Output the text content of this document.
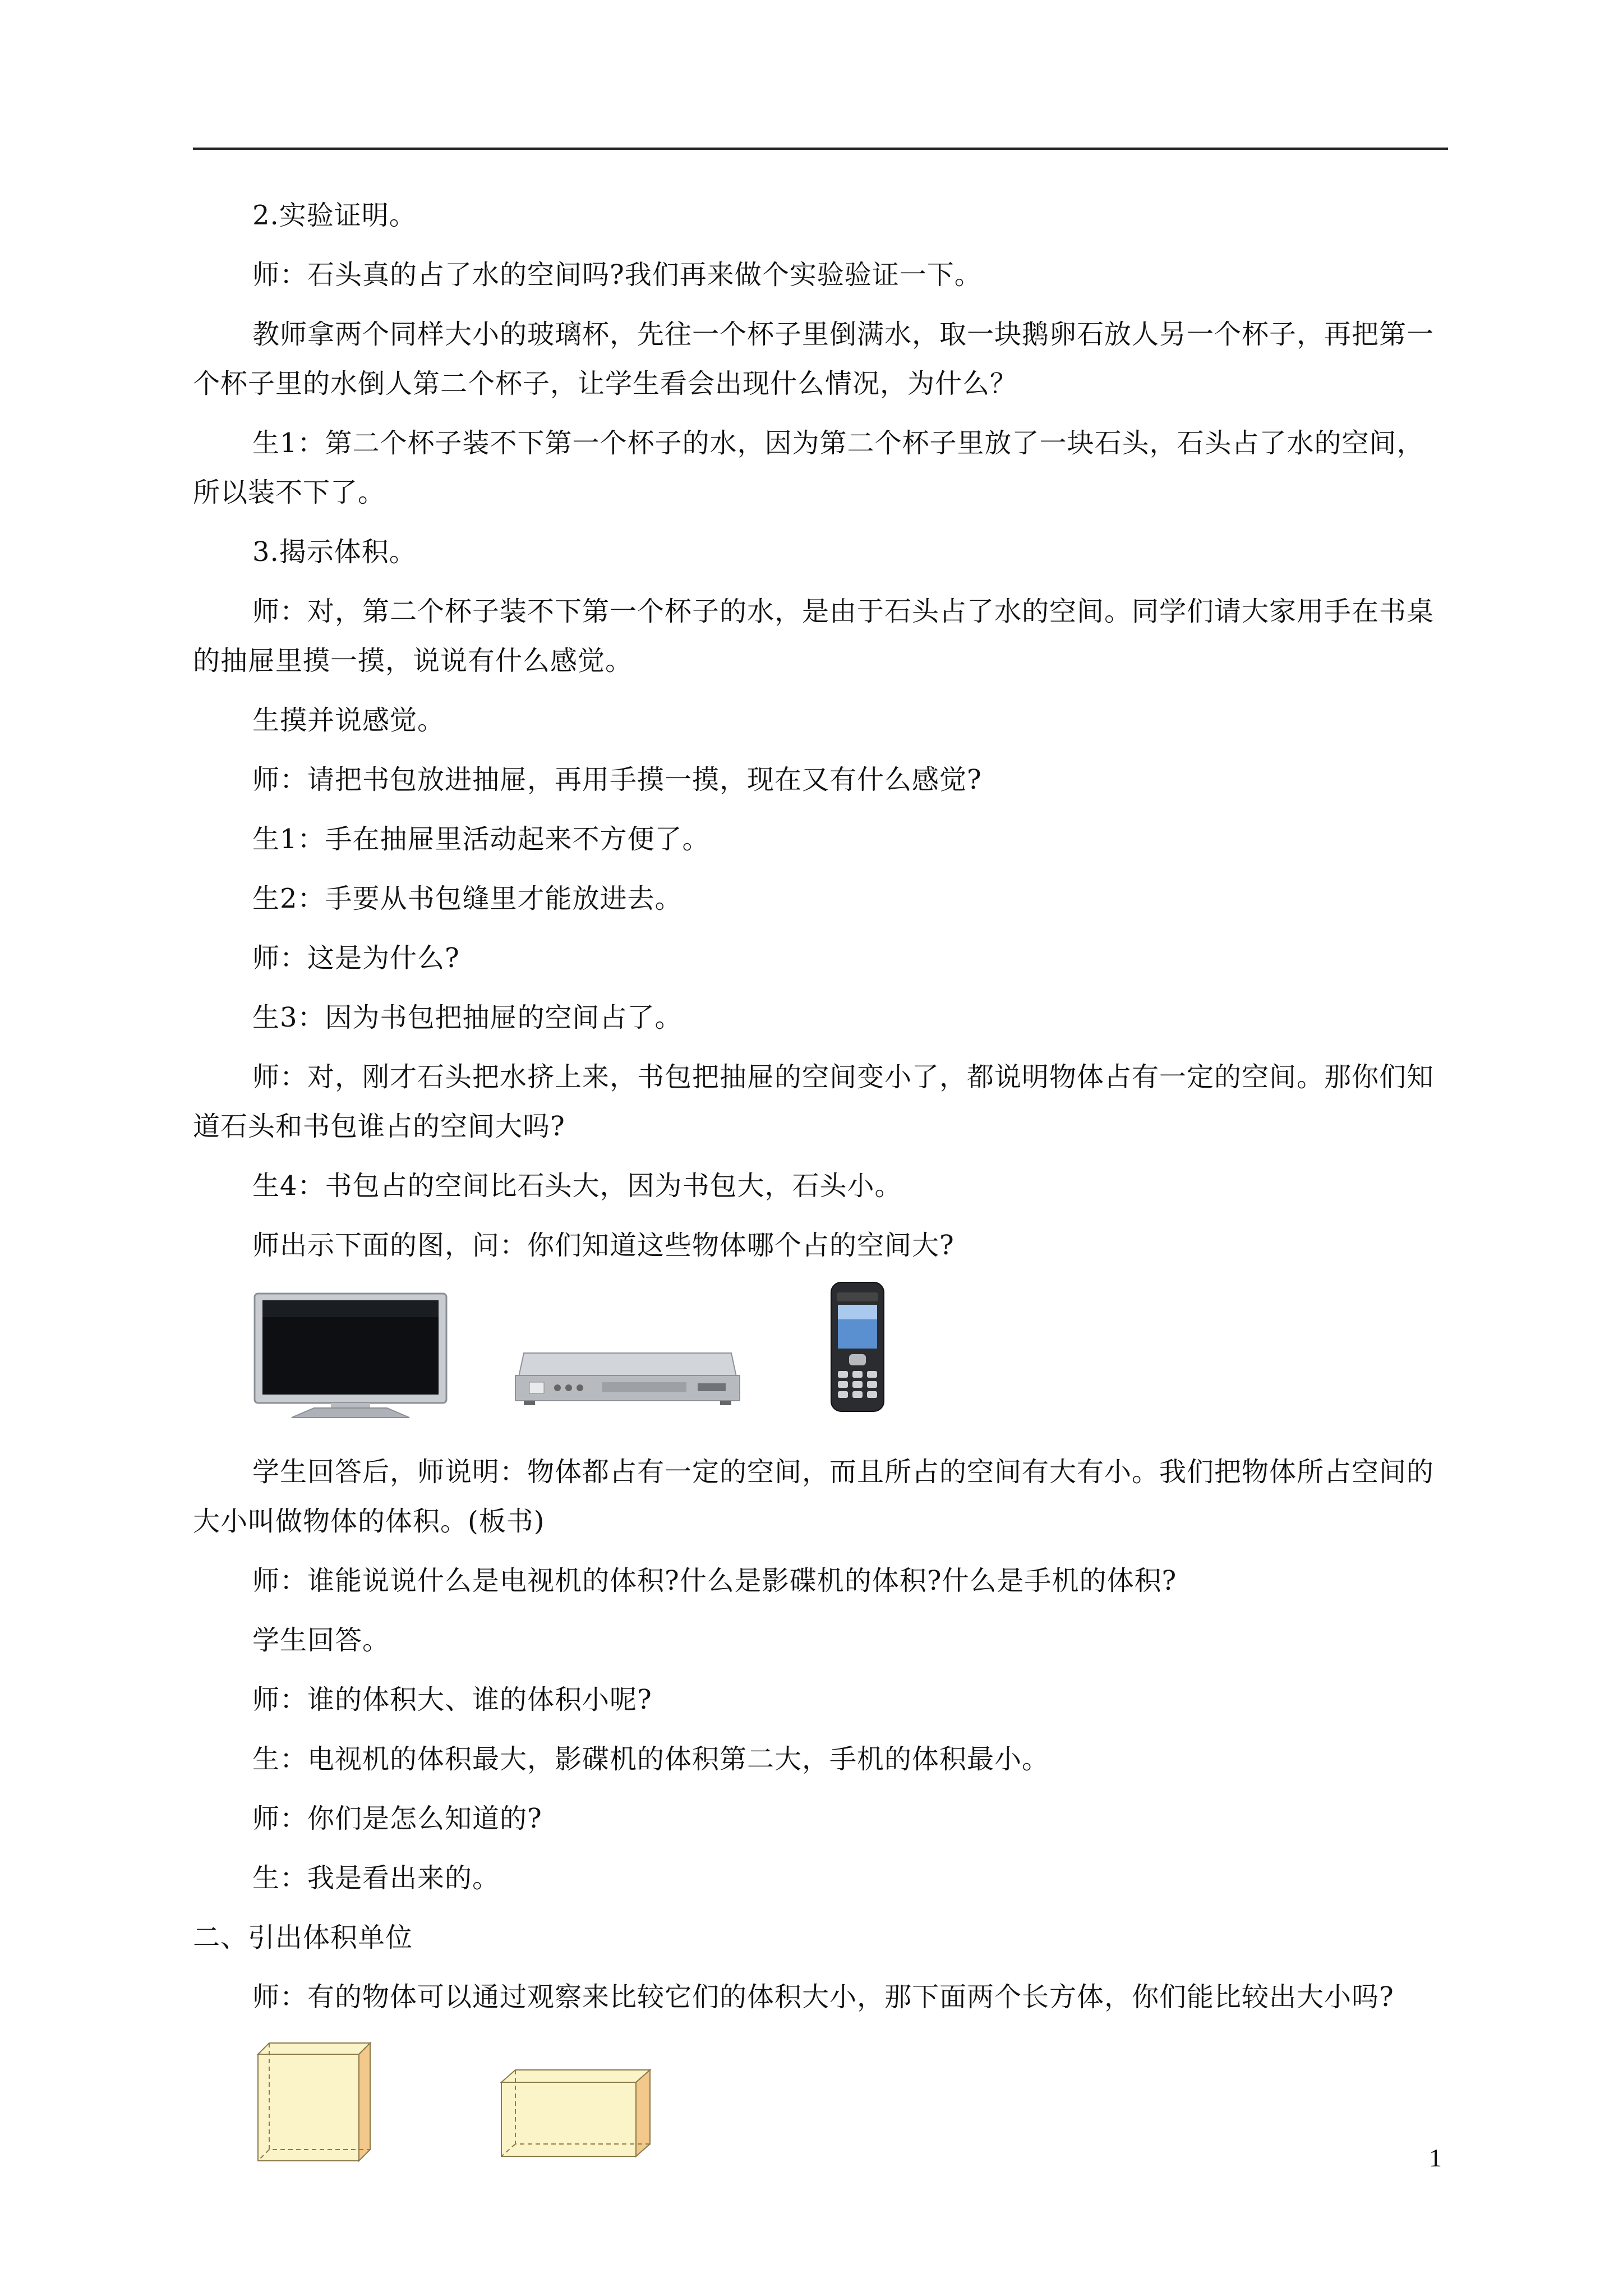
2.实验证明。

师：石头真的占了水的空间吗?我们再来做个实验验证一下。

教师拿两个同样大小的玻璃杯，先往一个杯子里倒满水，取一块鹅卵石放人另一个杯子，再把第一个杯子里的水倒人第二个杯子，让学生看会出现什么情况，为什么？

生1：第二个杯子装不下第一个杯子的水，因为第二个杯子里放了一块石头，石头占了水的空间，所以装不下了。

3.揭示体积。

师：对，第二个杯子装不下第一个杯子的水，是由于石头占了水的空间。同学们请大家用手在书桌的抽屉里摸一摸，说说有什么感觉。

生摸并说感觉。

师：请把书包放进抽屉，再用手摸一摸，现在又有什么感觉?

生1：手在抽屉里活动起来不方便了。

生2：手要从书包缝里才能放进去。

师：这是为什么?

生3：因为书包把抽屉的空间占了。

师：对，刚才石头把水挤上来，书包把抽屉的空间变小了，都说明物体占有一定的空间。那你们知道石头和书包谁占的空间大吗?

生4：书包占的空间比石头大，因为书包大，石头小。

师出示下面的图，问：你们知道这些物体哪个占的空间大?

学生回答后，师说明：物体都占有一定的空间，而且所占的空间有大有小。我们把物体所占空间的大小叫做物体的体积。(板书)

师：谁能说说什么是电视机的体积?什么是影碟机的体积?什么是手机的体积?

学生回答。

师：谁的体积大、谁的体积小呢?

生：电视机的体积最大，影碟机的体积第二大，手机的体积最小。

师：你们是怎么知道的?

生：我是看出来的。

二、引出体积单位

师：有的物体可以通过观察来比较它们的体积大小，那下面两个长方体，你们能比较出大小吗?

1
